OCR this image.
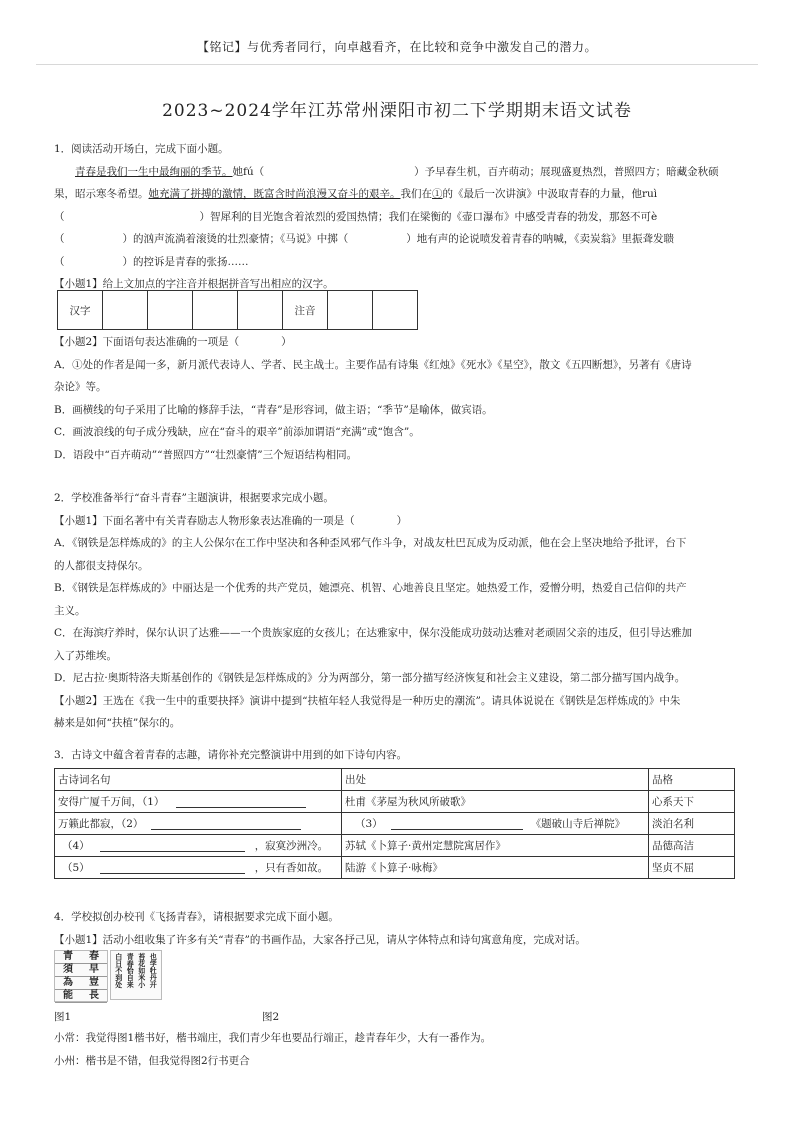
【铭记】与优秀者同行，向卓越看齐，在比较和竞争中激发自己的潜力。
2023~2024学年江苏常州溧阳市初二下学期期末语文试卷

1．阅读活动开场白，完成下面小题。

青春是我们一生中最绚丽的季节。她fú（	）予早春生机，百卉萌动；展现盛夏热烈，普照四方；暗藏金秋硕

果，昭示寒冬希望。她充满了拼搏的激情，既富含时尚浪漫又奋斗的艰辛。我们在①的《最后一次讲演》中汲取青春的力量，他ruì

（	）智犀利的目光饱含着浓烈的爱国热情；我们在梁衡的《壶口瀑布》中感受青春的勃发，那怒不可è

（	）的汹声流淌着滚烫的壮烈豪情；《马说》中掷（	）地有声的论说喷发着青春的呐喊，《卖炭翁》里振聋发聩

（	）的控诉是青春的张扬……

【小题1】给上文加点的字注音并根据拼音写出相应的汉字。

汉字					注音		

【小题2】下面语句表达准确的一项是（　　　　）

A．①处的作者是闻一多，新月派代表诗人、学者、民主战士。主要作品有诗集《红烛》《死水》《星空》，散文《五四断想》，另著有《唐诗

杂论》等。

B．画横线的句子采用了比喻的修辞手法，“青春”是形容词，做主语；“季节”是喻体，做宾语。

C．画波浪线的句子成分残缺，应在“奋斗的艰辛”前添加谓语“充满”或“饱含”。

D．语段中“百卉萌动”“普照四方”“壮烈豪情”三个短语结构相同。

2．学校准备举行“奋斗青春”主题演讲，根据要求完成小题。

【小题1】下面名著中有关青春励志人物形象表达准确的一项是（　　　　）

A．《钢铁是怎样炼成的》的主人公保尔在工作中坚决和各种歪风邪气作斗争，对战友杜巴瓦成为反动派，他在会上坚决地给予批评，台下

的人都很支持保尔。

B．《钢铁是怎样炼成的》中丽达是一个优秀的共产党员，她漂亮、机智、心地善良且坚定。她热爱工作，爱憎分明，热爱自己信仰的共产

主义。

C．在海滨疗养时，保尔认识了达雅——一个贵族家庭的女孩儿；在达雅家中，保尔没能成功鼓动达雅对老顽固父亲的违反，但引导达雅加

入了苏维埃。

D．尼古拉·奥斯特洛夫斯基创作的《钢铁是怎样炼成的》分为两部分，第一部分描写经济恢复和社会主义建设，第二部分描写国内战争。

【小题2】王选在《我一生中的重要抉择》演讲中提到“扶植年轻人我觉得是一种历史的潮流”。请具体说说在《钢铁是怎样炼成的》中朱

赫来是如何“扶植”保尔的。

3．古诗文中蕴含着青春的志趣，请你补充完整演讲中用到的如下诗句内容。

古诗词名句	出处	品格
安得广厦千万间，（1）	杜甫《茅屋为秋风所破歌》	心系天下
万籁此都寂，（2）	（3） 《题破山寺后禅院》	淡泊名利
（4） ，寂寞沙洲冷。	苏轼《卜算子·黄州定慧院寓居作》	品德高洁
（5） ，只有香如故。	陆游《卜算子·咏梅》	坚贞不屈

4．学校拟创办校刊《飞扬青春》，请根据要求完成下面小题。

【小题1】活动小组收集了许多有关“青春”的书画作品，大家各抒己见，请从字体特点和诗句寓意角度，完成对话。

青	春
須	早
為	豈
能	長
白日不到处 青春恰自来 苔花如米小 也学牡丹开
图1	图2

小常：我觉得图1楷书好，楷书端庄，我们青少年也要品行端正，趁青春年少，大有一番作为。

小州：楷书是不错，但我觉得图2行书更合
